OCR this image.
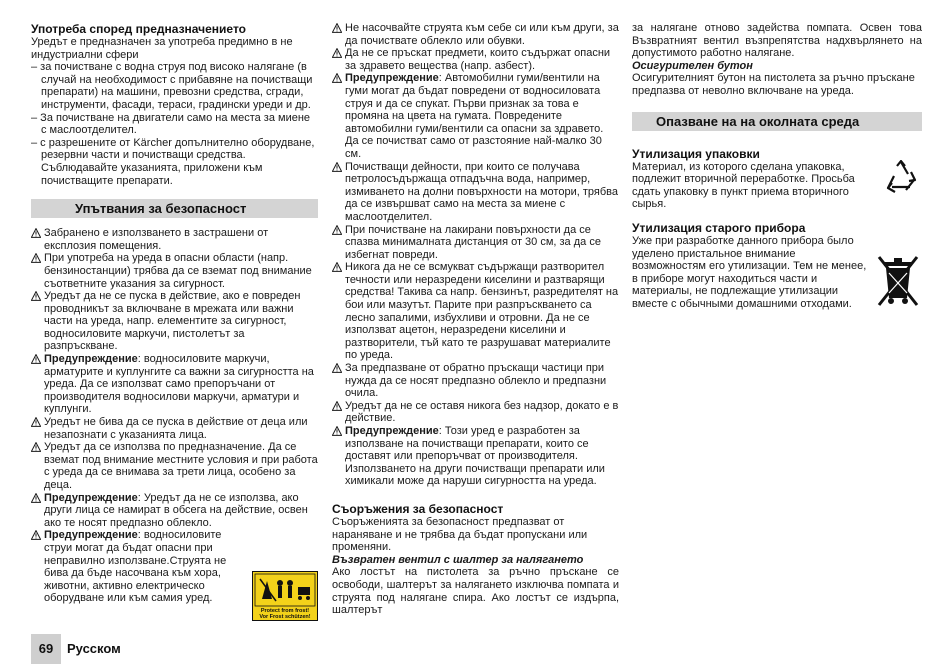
Употреба според предназначението

Уредът е предназначен за употреба предимно в не индустриални сфери

– за почистване с водна струя под високо налягане (в случай на необходимост с прибавяне на почистващи препарати) на машини, превозни средства, сгради, инструменти, фасади, тераси, градински уреди и др.

– За почистване на двигатели само на места за миене с маслоотделител.

– с разрешените от Kärcher допълнително оборудване, резервни части и почистващи средства. Съблюдавайте указанията, приложени към почистващите препарати.

Упътвания за безопасност

Забранено е използването в застрашени от експлозия помещения.

При употреба на уреда в опасни области (напр. бензиностанции) трябва да се вземат под внимание съответните указания за сигурност.

Уредът да не се пуска в действие, ако е повреден проводникът за включване в мрежата или важни части на уреда, напр. елементите за сигурност, водносиловите маркучи, пистолетът за разпръскване.

Предупреждение: водносиловите маркучи, арматурите и куплунгите са важни за сигурността на уреда. Да се използват само препоръчани от производителя водносилови маркучи, арматури и куплунги.

Уредът не бива да се пуска в действие от деца или незапознати с указанията лица.

Уредът да се използва по предназначение. Да се вземат под внимание местните условия и при работа с уреда да се внимава за трети лица, особено за деца.

Предупреждение: Уредът да не се използва, ако други лица се намират в обсега на действие, освен ако те носят предпазно облекло.

Предупреждение: водносиловите струи могат да бъдат опасни при неправилно използване.Струята не бива да бъде насочвана към хора, животни, активно електрическо оборудване или към самия уред.

Protect from frost!
Vor Frost schützen!

Не насочвайте струята към себе си или към други, за да почиствате облекло или обувки.

Да не се пръскат предмети, които съдържат опасни за здравето вещества (напр. азбест).

Предупреждение: Автомобилни гуми/вентили на гуми могат да бъдат повредени от водносиловата струя и да се спукат. Първи признак за това е промяна на цвета на гумата. Повредените автомобилни гуми/вентили са опасни за здравето. Да се почистват само от разстояние най-малко 30 см.

Почистващи дейности, при които се получава петролосъдържаща отпадъчна вода, например, измиването на долни повърхности на мотори, трябва да се извършват само на места за миене с маслоотделител.

При почистване на лакирани повърхности да се спазва минималната дистанция от 30 см, за да се избегнат повреди.

Никога да не се всмукват съдържащи разтворител течности или неразредени киселини и разтварящи средства! Такива са напр. бензинът, разредителят на бои или мазутът. Парите при разпръскването са лесно запалими, избухливи и отровни. Да не се използват ацетон, неразредени киселини и разтворители, тъй като те разрушават материалите по уреда.

За предпазване от обратно пръскащи частици при нужда да се носят предпазно облекло и предпазни очила.

Уредът да не се оставя никога без надзор, докато е в действие.

Предупреждение: Този уред е разработен за използване на почистващи препарати, които се доставят или препоръчват от производителя. Използването на други почистващи препарати или химикали може да наруши сигурността на уреда.

Съоръжения за безопасност

Съоръженията за безопасност предпазват от нараняване и не трябва да бъдат пропускани или променяни.

Възвратен вентил с шалтер за налягането

Ако лостът на пистолета за ръчно пръскане се освободи, шалтерът за налягането изключва помпата и струята под налягане спира. Ако лостът се издърпа, шалтерът

за налягане отново задейства помпата. Освен това Възвратният вентил възпрепятства надхвърлянето на допустимото работно налягане.

Осигурителен бутон

Осигурителният бутон на пистолета за ръчно пръскане предпазва от неволно включване на уреда.

Опазване на на околната среда
Утилизация упаковки

Материал, из которого сделана упаковка, подлежит вторичной переработке. Просьба сдать упаковку в пункт приема вторичного сырья.

Утилизация старого прибора

Уже при разработке данного прибора было уделено пристальное внимание возможностям его утилизации. Тем не менее, в приборе могут находиться части и материалы, не подлежащие утилизации вместе с обычными домашними отходами.

69	Русском
